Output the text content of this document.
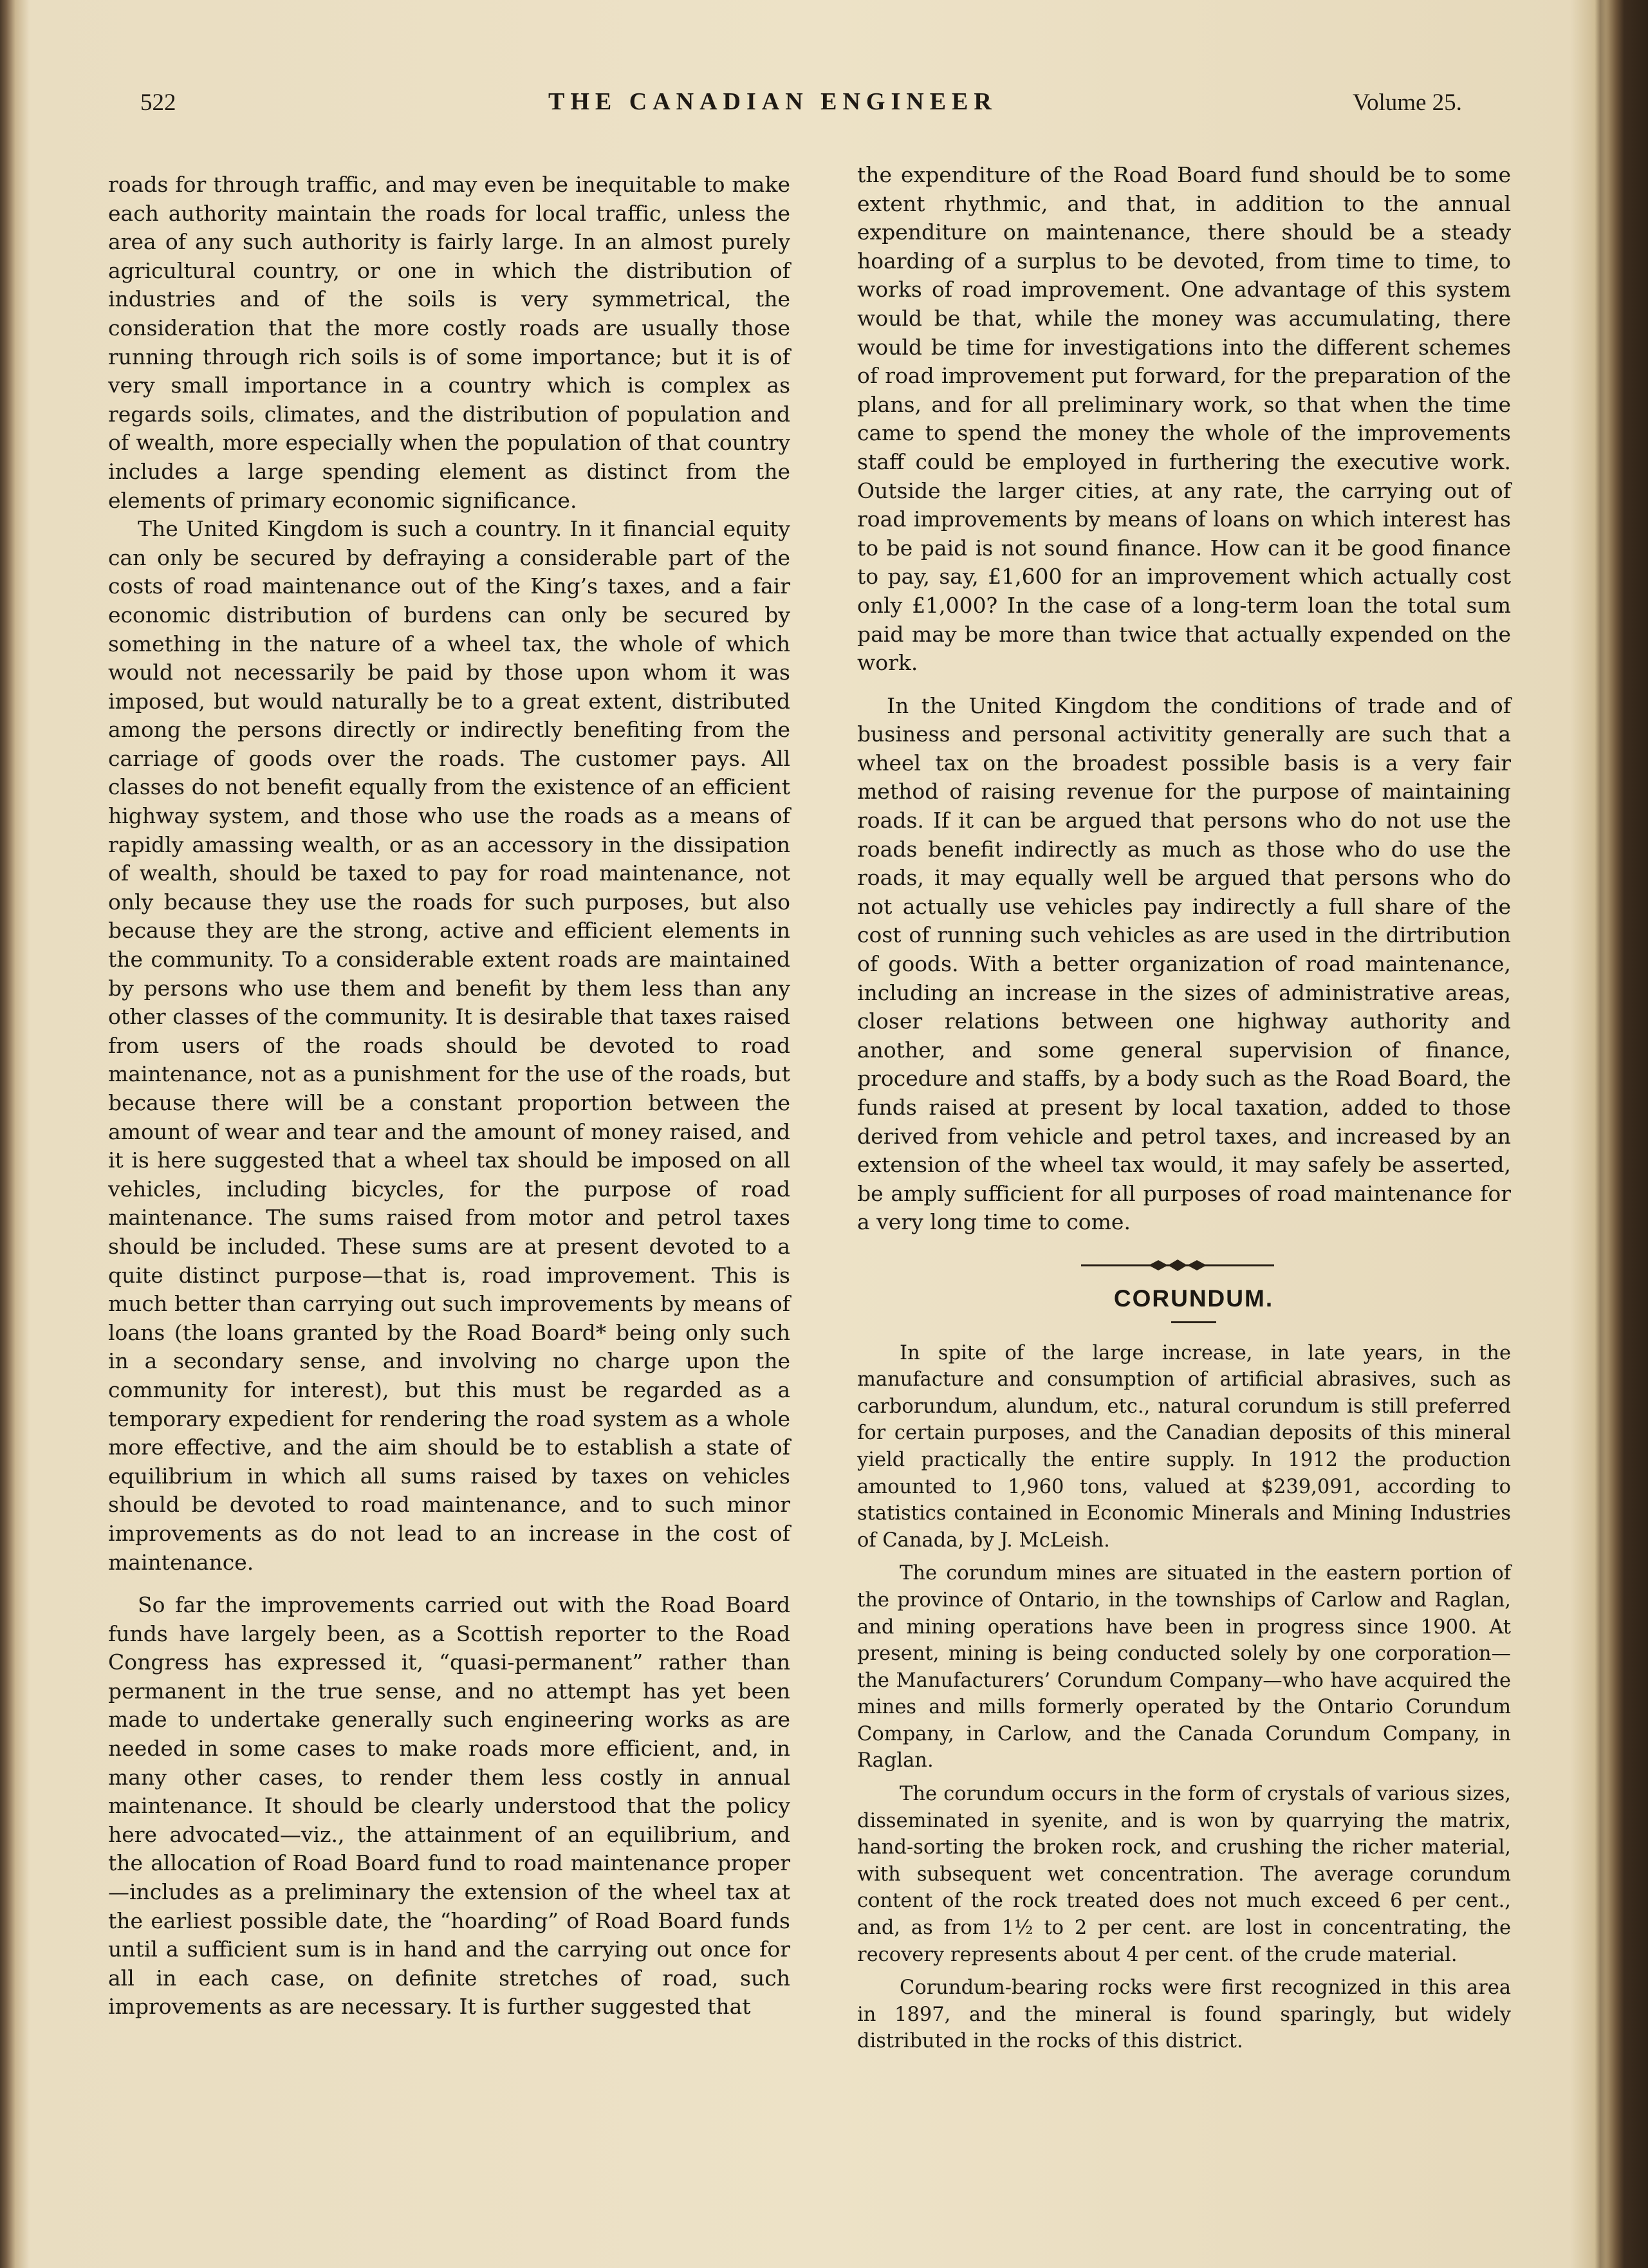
522	THE CANADIAN ENGINEER	Volume 25.

roads for through traffic, and may even be inequitable to make each authority maintain the roads for local traffic, unless the area of any such authority is fairly large. In an almost purely agricultural country, or one in which the distribution of industries and of the soils is very symmetrical, the consideration that the more costly roads are usually those running through rich soils is of some importance; but it is of very small importance in a country which is complex as regards soils, climates, and the distribution of population and of wealth, more especially when the population of that country includes a large spending element as distinct from the elements of primary economic significance.

The United Kingdom is such a country. In it financial equity can only be secured by defraying a considerable part of the costs of road maintenance out of the King’s taxes, and a fair economic distribution of burdens can only be secured by something in the nature of a wheel tax, the whole of which would not necessarily be paid by those upon whom it was imposed, but would naturally be to a great extent, distributed among the persons directly or indirectly benefiting from the carriage of goods over the roads. The customer pays. All classes do not benefit equally from the existence of an efficient highway system, and those who use the roads as a means of rapidly amassing wealth, or as an accessory in the dissipation of wealth, should be taxed to pay for road maintenance, not only because they use the roads for such purposes, but also because they are the strong, active and efficient elements in the community. To a considerable extent roads are maintained by persons who use them and benefit by them less than any other classes of the community. It is desirable that taxes raised from users of the roads should be devoted to road maintenance, not as a punishment for the use of the roads, but because there will be a constant proportion between the amount of wear and tear and the amount of money raised, and it is here suggested that a wheel tax should be imposed on all vehicles, including bicycles, for the purpose of road maintenance. The sums raised from motor and petrol taxes should be included. These sums are at present devoted to a quite distinct purpose—that is, road improvement. This is much better than carrying out such improvements by means of loans (the loans granted by the Road Board* being only such in a secondary sense, and involving no charge upon the community for interest), but this must be regarded as a temporary expedient for rendering the road system as a whole more effective, and the aim should be to establish a state of equilibrium in which all sums raised by taxes on vehicles should be devoted to road maintenance, and to such minor improvements as do not lead to an increase in the cost of maintenance.

So far the improvements carried out with the Road Board funds have largely been, as a Scottish reporter to the Road Congress has expressed it, “quasi-permanent” rather than permanent in the true sense, and no attempt has yet been made to undertake generally such engineering works as are needed in some cases to make roads more efficient, and, in many other cases, to render them less costly in annual maintenance. It should be clearly understood that the policy here advocated—viz., the attainment of an equilibrium, and the allocation of Road Board fund to road maintenance proper—includes as a preliminary the extension of the wheel tax at the earliest possible date, the “hoarding” of Road Board funds until a sufficient sum is in hand and the carrying out once for all in each case, on definite stretches of road, such improvements as are necessary. It is further suggested that

the expenditure of the Road Board fund should be to some extent rhythmic, and that, in addition to the annual expenditure on maintenance, there should be a steady hoarding of a surplus to be devoted, from time to time, to works of road improvement. One advantage of this system would be that, while the money was accumulating, there would be time for investigations into the different schemes of road improvement put forward, for the preparation of the plans, and for all preliminary work, so that when the time came to spend the money the whole of the improvements staff could be employed in furthering the executive work. Outside the larger cities, at any rate, the carrying out of road improvements by means of loans on which interest has to be paid is not sound finance. How can it be good finance to pay, say, £1,600 for an improvement which actually cost only £1,000? In the case of a long-term loan the total sum paid may be more than twice that actually expended on the work.

In the United Kingdom the conditions of trade and of business and personal activitity generally are such that a wheel tax on the broadest possible basis is a very fair method of raising revenue for the purpose of maintaining roads. If it can be argued that persons who do not use the roads benefit indirectly as much as those who do use the roads, it may equally well be argued that persons who do not actually use vehicles pay indirectly a full share of the cost of running such vehicles as are used in the dirtribution of goods. With a better organization of road maintenance, including an increase in the sizes of administrative areas, closer relations between one highway authority and another, and some general supervision of finance, procedure and staffs, by a body such as the Road Board, the funds raised at present by local taxation, added to those derived from vehicle and petrol taxes, and increased by an extension of the wheel tax would, it may safely be asserted, be amply sufficient for all purposes of road maintenance for a very long time to come.

CORUNDUM.

In spite of the large increase, in late years, in the manufacture and consumption of artificial abrasives, such as carborundum, alundum, etc., natural corundum is still preferred for certain purposes, and the Canadian deposits of this mineral yield practically the entire supply. In 1912 the production amounted to 1,960 tons, valued at $239,091, according to statistics contained in Economic Minerals and Mining Industries of Canada, by J. McLeish.

The corundum mines are situated in the eastern portion of the province of Ontario, in the townships of Carlow and Raglan, and mining operations have been in progress since 1900. At present, mining is being conducted solely by one corporation—the Manufacturers’ Corundum Company—who have acquired the mines and mills formerly operated by the Ontario Corundum Company, in Carlow, and the Canada Corundum Company, in Raglan.

The corundum occurs in the form of crystals of various sizes, disseminated in syenite, and is won by quarrying the matrix, hand-sorting the broken rock, and crushing the richer material, with subsequent wet concentration. The average corundum content of the rock treated does not much exceed 6 per cent., and, as from 1½ to 2 per cent. are lost in concentrating, the recovery represents about 4 per cent. of the crude material.

Corundum-bearing rocks were first recognized in this area in 1897, and the mineral is found sparingly, but widely distributed in the rocks of this district.
